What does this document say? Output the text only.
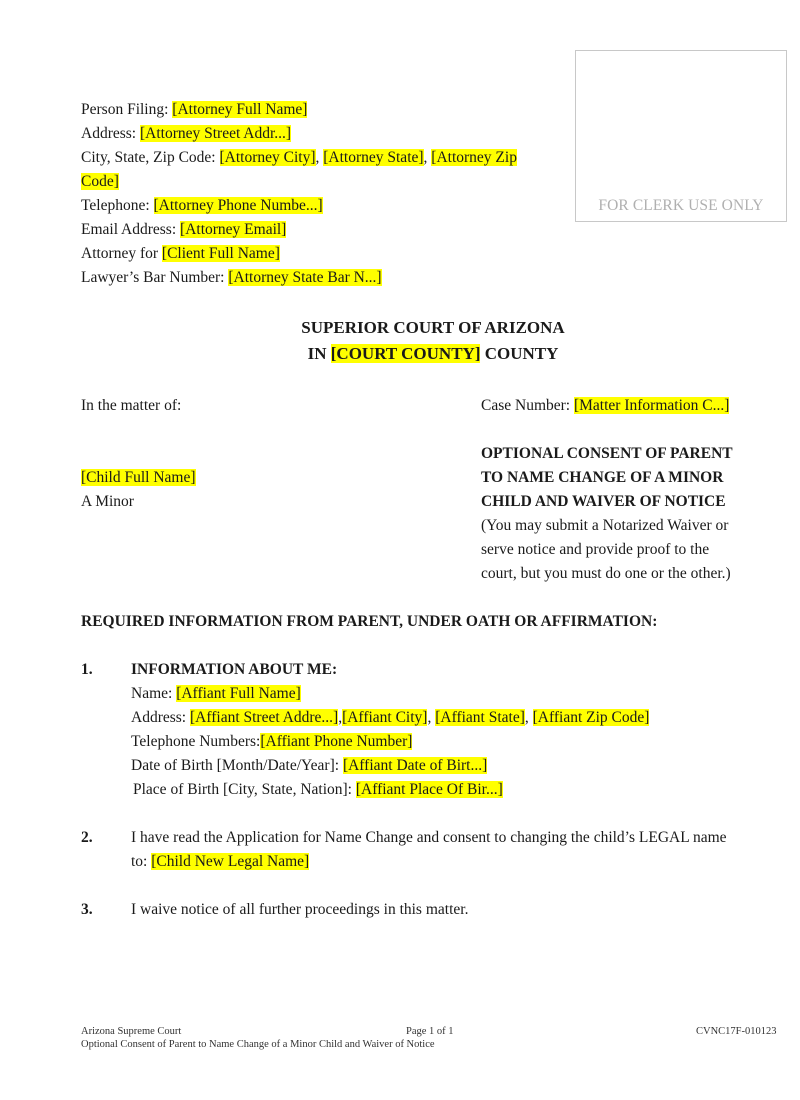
FOR CLERK USE ONLY
Person Filing: [Attorney Full Name]
Address: [Attorney Street Addr...]
City, State, Zip Code: [Attorney City], [Attorney State], [Attorney Zip
Code]
Telephone: [Attorney Phone Numbe...]
Email Address: [Attorney Email]
Attorney for [Client Full Name]
Lawyer’s Bar Number: [Attorney State Bar N...]
SUPERIOR COURT OF ARIZONA
IN [COURT COUNTY] COUNTY
In the matter of:
[Child Full Name]
A Minor
Case Number: [Matter Information C...]
OPTIONAL CONSENT OF PARENT
TO NAME CHANGE OF A MINOR
CHILD AND WAIVER OF NOTICE
(You may submit a Notarized Waiver or
serve notice and provide proof to the
court, but you must do one or the other.)
REQUIRED INFORMATION FROM PARENT, UNDER OATH OR AFFIRMATION:
1. INFORMATION ABOUT ME:
Name: [Affiant Full Name]
Address: [Affiant Street Addre...],[Affiant City], [Affiant State], [Affiant Zip Code]
Telephone Numbers:[Affiant Phone Number]
Date of Birth [Month/Date/Year]: [Affiant Date of Birt...]
Place of Birth [City, State, Nation]: [Affiant Place Of Bir...]
2. I have read the Application for Name Change and consent to changing the child’s LEGAL name
to: [Child New Legal Name]
3. I waive notice of all further proceedings in this matter.
Arizona Supreme Court
Optional Consent of Parent to Name Change of a Minor Child and Waiver of Notice
Page 1 of 1	CVNC17F-010123
